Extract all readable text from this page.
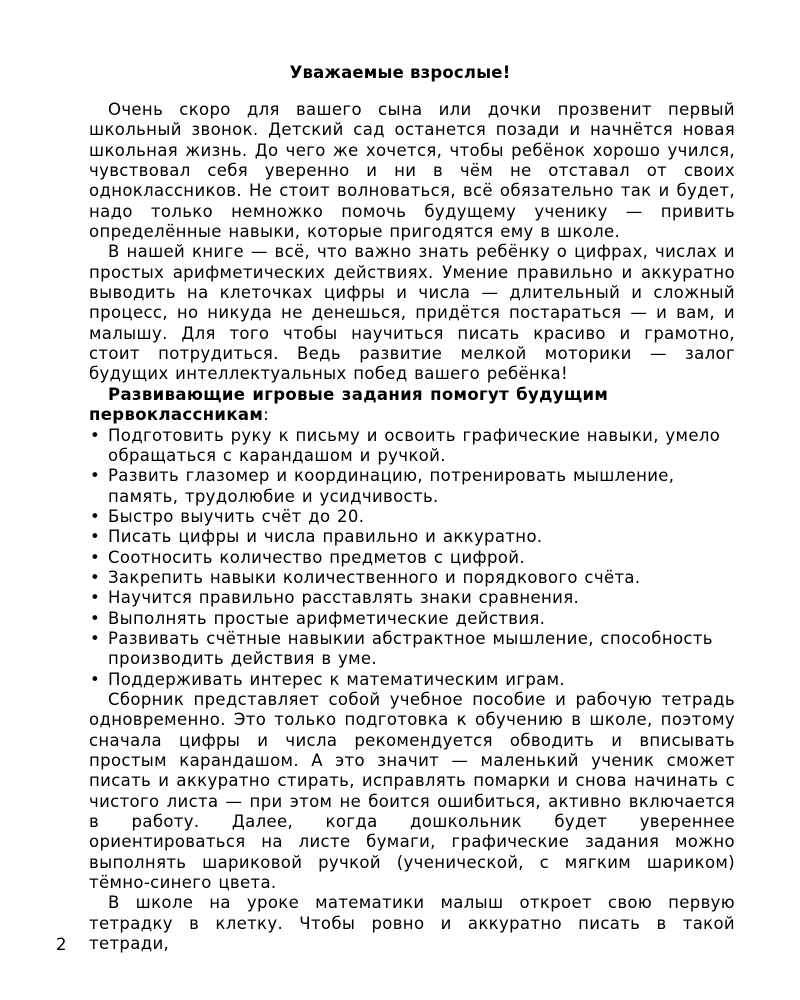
Уважаемые взрослые!

Очень скоро для вашего сына или дочки прозвенит первый школьный звонок. Детский сад останется позади и начнётся новая школьная жизнь. До чего же хочется, чтобы ребёнок хорошо учился, чувствовал себя уверенно и ни в чём не отставал от своих одноклассников. Не стоит волноваться, всё обязательно так и будет, надо только немножко помочь будущему ученику — привить определённые навыки, которые пригодятся ему в школе.

В нашей книге — всё, что важно знать ребёнку о цифрах, числах и простых арифметических действиях. Умение правильно и аккуратно выводить на клеточках цифры и числа — длительный и сложный процесс, но никуда не денешься, придётся постараться — и вам, и малышу. Для того чтобы научиться писать красиво и грамотно, стоит потрудиться. Ведь развитие мелкой моторики — залог будущих интеллектуальных побед вашего ребёнка!

Развивающие игровые задания помогут будущим первоклассникам:

• Подготовить руку к письму и освоить графические навыки, умело обращаться с карандашом и ручкой.
• Развить глазомер и координацию, потренировать мышление, память, трудолюбие и усидчивость.
• Быстро выучить счёт до 20.
• Писать цифры и числа правильно и аккуратно.
• Соотносить количество предметов с цифрой.
• Закрепить навыки количественного и порядкового счёта.
• Научится правильно расставлять знаки сравнения.
• Выполнять простые арифметические действия.
• Развивать счётные навыкии абстрактное мышление, способность производить действия в уме.
• Поддерживать интерес к математическим играм.

Сборник представляет собой учебное пособие и рабочую тетрадь одновременно. Это только подготовка к обучению в школе, поэтому сначала цифры и числа рекомендуется обводить и вписывать простым карандашом. А это значит — маленький ученик сможет писать и аккуратно стирать, исправлять помарки и снова начинать с чистого листа — при этом не боится ошибиться, активно включается в работу. Далее, когда дошкольник будет увереннее ориентироваться на листе бумаги, графические задания можно выполнять шариковой ручкой (ученической, с мягким шариком) тёмно-синего цвета.

В школе на уроке математики малыш откроет свою первую тетрадку в клетку. Чтобы ровно и аккуратно писать в такой тетради,

2
